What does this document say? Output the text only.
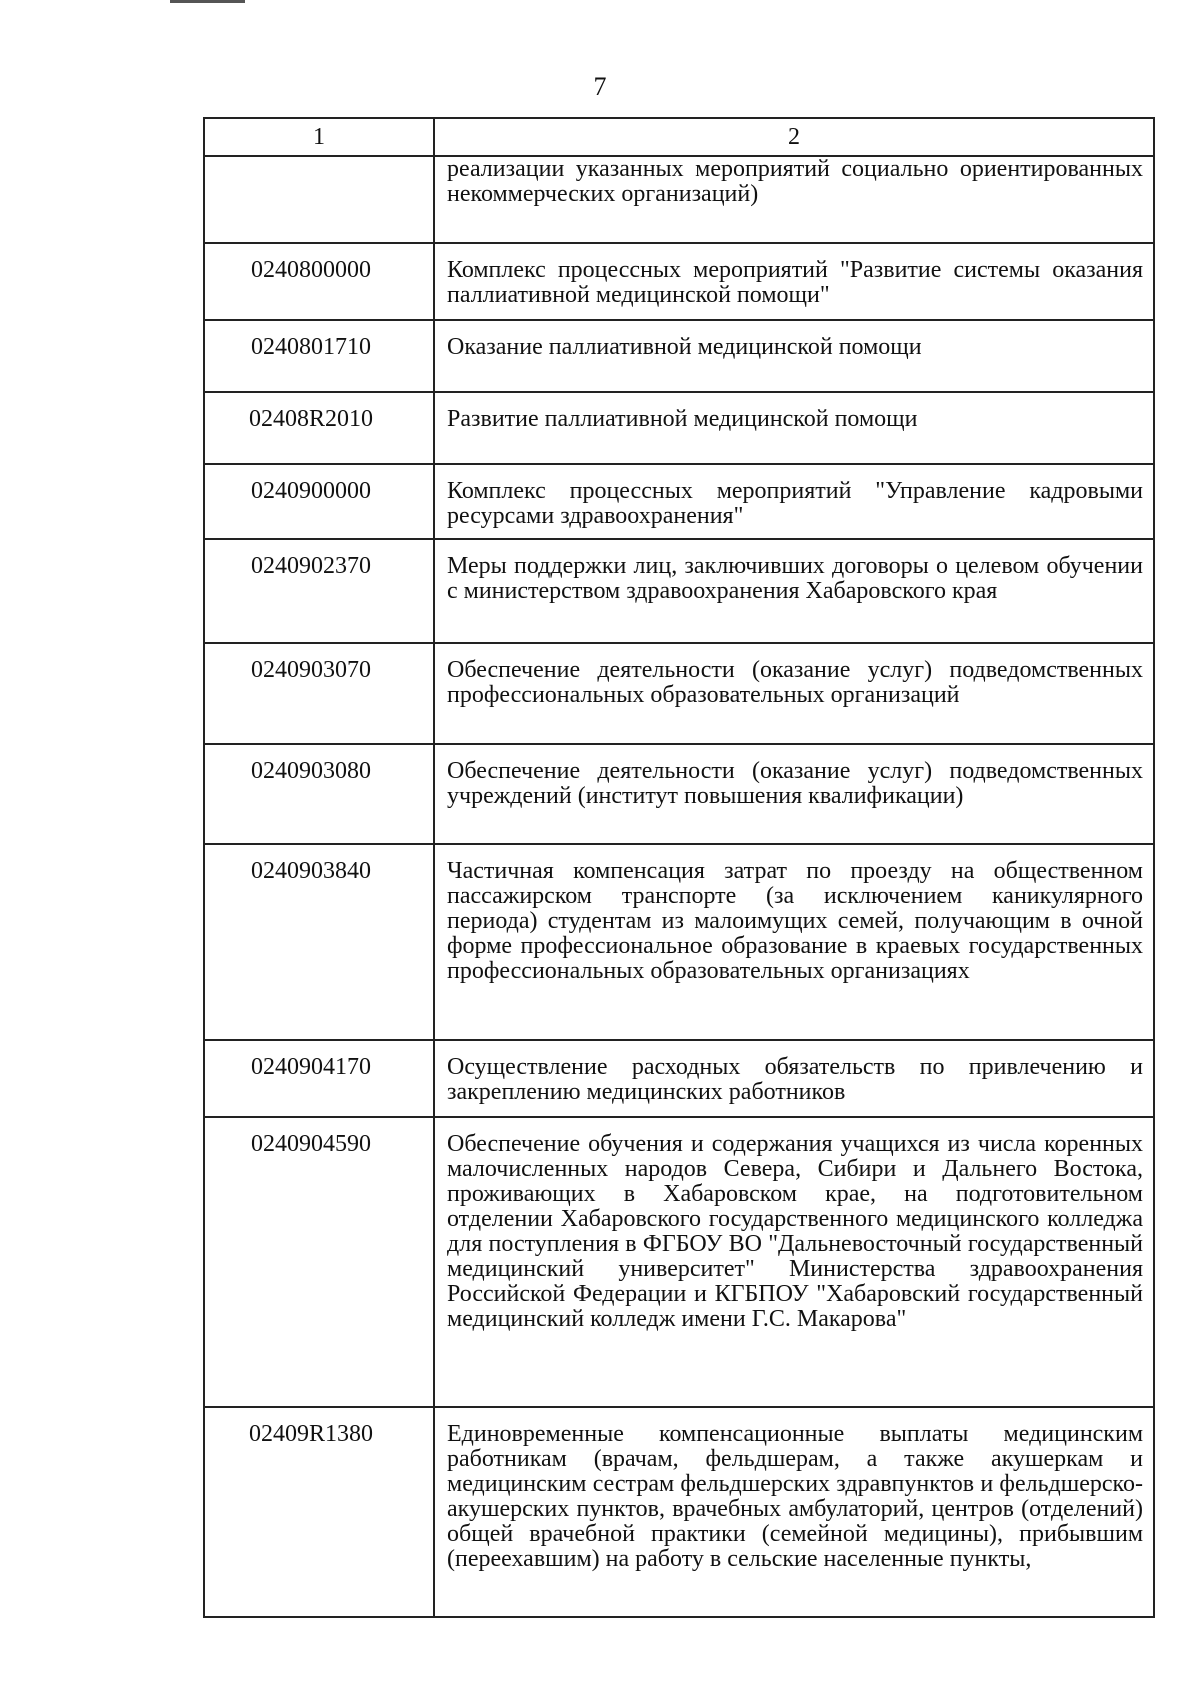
7
1	2
	реализации указанных мероприятий социально ориентированных некоммерческих организаций)
0240800000	Комплекс процессных мероприятий "Развитие системы оказания паллиативной медицинской помощи"
0240801710	Оказание паллиативной медицинской помощи
02408R2010	Развитие паллиативной медицинской помощи
0240900000	Комплекс процессных мероприятий "Управление кадровыми ресурсами здравоохранения"
0240902370	Меры поддержки лиц, заключивших договоры о целевом обучении с министерством здравоохранения Хабаровского края
0240903070	Обеспечение деятельности (оказание услуг) подведомственных профессиональных образовательных организаций
0240903080	Обеспечение деятельности (оказание услуг) подведомственных учреждений (институт повышения квалификации)
0240903840	Частичная компенсация затрат по проезду на общественном пассажирском транспорте (за исключением каникулярного периода) студентам из малоимущих семей, получающим в очной форме профессиональное образование в краевых государственных профессиональных образовательных организациях
0240904170	Осуществление расходных обязательств по привлечению и закреплению медицинских работников
0240904590	Обеспечение обучения и содержания учащихся из числа коренных малочисленных народов Севера, Сибири и Дальнего Востока, проживающих в Хабаровском крае, на подготовительном отделении Хабаровского государственного медицинского колледжа для поступления в ФГБОУ ВО "Дальневосточный государственный медицинский университет" Министерства здравоохранения Российской Федерации и КГБПОУ "Хабаровский государственный медицинский колледж имени Г.С. Макарова"
02409R1380	Единовременные компенсационные выплаты медицинским работникам (врачам, фельдшерам, а также акушеркам и медицинским сестрам фельдшерских здравпунктов и фельдшерско-акушерских пунктов, врачебных амбулаторий, центров (отделений) общей врачебной практики (семейной медицины), прибывшим (переехавшим) на работу в сельские населенные пункты,
